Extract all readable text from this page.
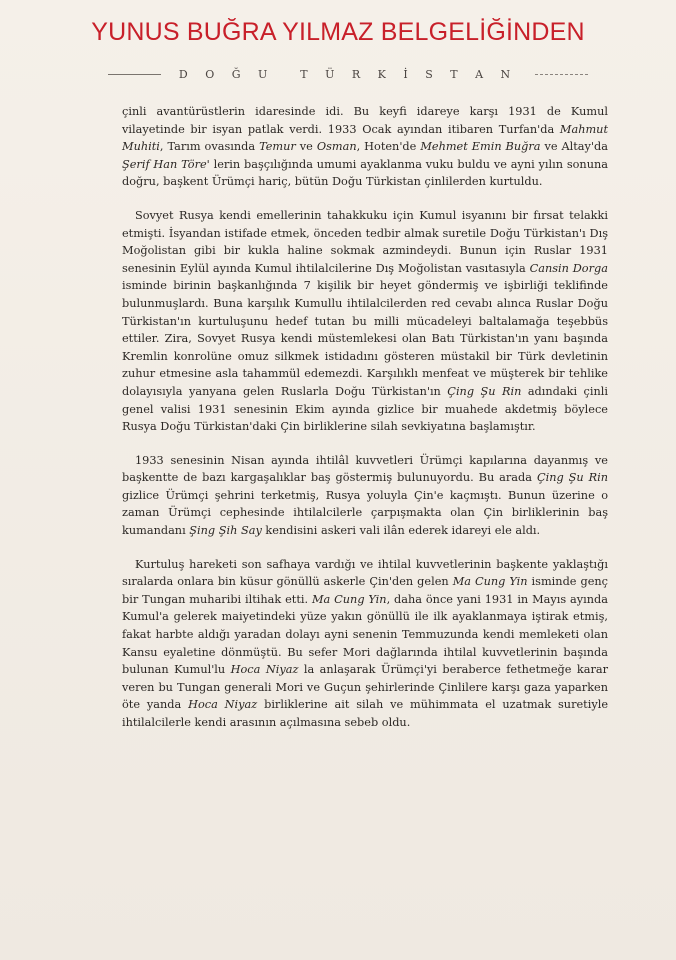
YUNUS BUĞRA YILMAZ BELGELİĞİNDEN
D O Ğ U T Ü R K İ S T A N

çinli avantürüstlerin idaresinde idi. Bu keyfi idareye karşı 1931 de Kumul vilayetinde bir isyan patlak verdi. 1933 Ocak ayından itibaren Turfan'da Mahmut Muhiti, Tarım ovasında Temur ve Osman, Hoten'de Mehmet Emin Buğra ve Altay'da Şerif Han Töre' lerin başçılığında umumi ayaklanma vuku buldu ve ayni yılın sonuna doğru, başkent Ürümçi hariç, bütün Doğu Türkistan çinlilerden kurtuldu.

Sovyet Rusya kendi emellerinin tahakkuku için Kumul isyanını bir fırsat telakki etmişti. İsyandan istifade etmek, önceden tedbir almak suretile Doğu Türkistan'ı Dış Moğolistan gibi bir kukla haline sokmak azmindeydi. Bunun için Ruslar 1931 senesinin Eylül ayında Kumul ihtilalcilerine Dış Moğolistan vasıtasıyla Cansin Dorga isminde birinin başkanlığında 7 kişilik bir heyet göndermiş ve işbirliği teklifinde bulunmuşlardı. Buna karşılık Kumullu ihtilalcilerden red cevabı alınca Ruslar Doğu Türkistan'ın kurtuluşunu hedef tutan bu milli mücadeleyi baltalamağa teşebbüs ettiler. Zira, Sovyet Rusya kendi müstemlekesi olan Batı Türkistan'ın yanı başında Kremlin konrolüne omuz silkmek istidadını gösteren müstakil bir Türk devletinin zuhur etmesine asla tahammül edemezdi. Karşılıklı menfeat ve müşterek bir tehlike dolayısıyla yanyana gelen Ruslarla Doğu Türkistan'ın Çing Şu Rin adındaki çinli genel valisi 1931 senesinin Ekim ayında gizlice bir muahede akdetmiş böylece Rusya Doğu Türkistan'daki Çin birliklerine silah sevkiyatına başlamıştır.

1933 senesinin Nisan ayında ihtilâl kuvvetleri Ürümçi kapılarına dayanmış ve başkentte de bazı kargaşalıklar baş göstermiş bulunuyordu. Bu arada Çing Şu Rin gizlice Ürümçi şehrini terketmiş, Rusya yoluyla Çin'e kaçmıştı. Bunun üzerine o zaman Ürümçi cephesinde ihtilalcilerle çarpışmakta olan Çin birliklerinin baş kumandanı Şing Şih Say kendisini askeri vali ilân ederek idareyi ele aldı.

Kurtuluş hareketi son safhaya vardığı ve ihtilal kuvvetlerinin başkente yaklaştığı sıralarda onlara bin küsur gönüllü askerle Çin'den gelen Ma Cung Yin isminde genç bir Tungan muharibi iltihak etti. Ma Cung Yin, daha önce yani 1931 in Mayıs ayında Kumul'a gelerek maiyetindeki yüze yakın gönüllü ile ilk ayaklanmaya iştirak etmiş, fakat harbte aldığı yaradan dolayı ayni senenin Temmuzunda kendi memleketi olan Kansu eyaletine dönmüştü. Bu sefer Mori dağlarında ihtilal kuvvetlerinin başında bulunan Kumul'lu Hoca Niyaz la anlaşarak Ürümçi'yi beraberce fethetmeğe karar veren bu Tungan generali Mori ve Guçun şehirlerinde Çinlilere karşı gaza yaparken öte yanda Hoca Niyaz birliklerine ait silah ve mühimmata el uzatmak suretiyle ihtilalcilerle kendi arasının açılmasına sebeb oldu.
